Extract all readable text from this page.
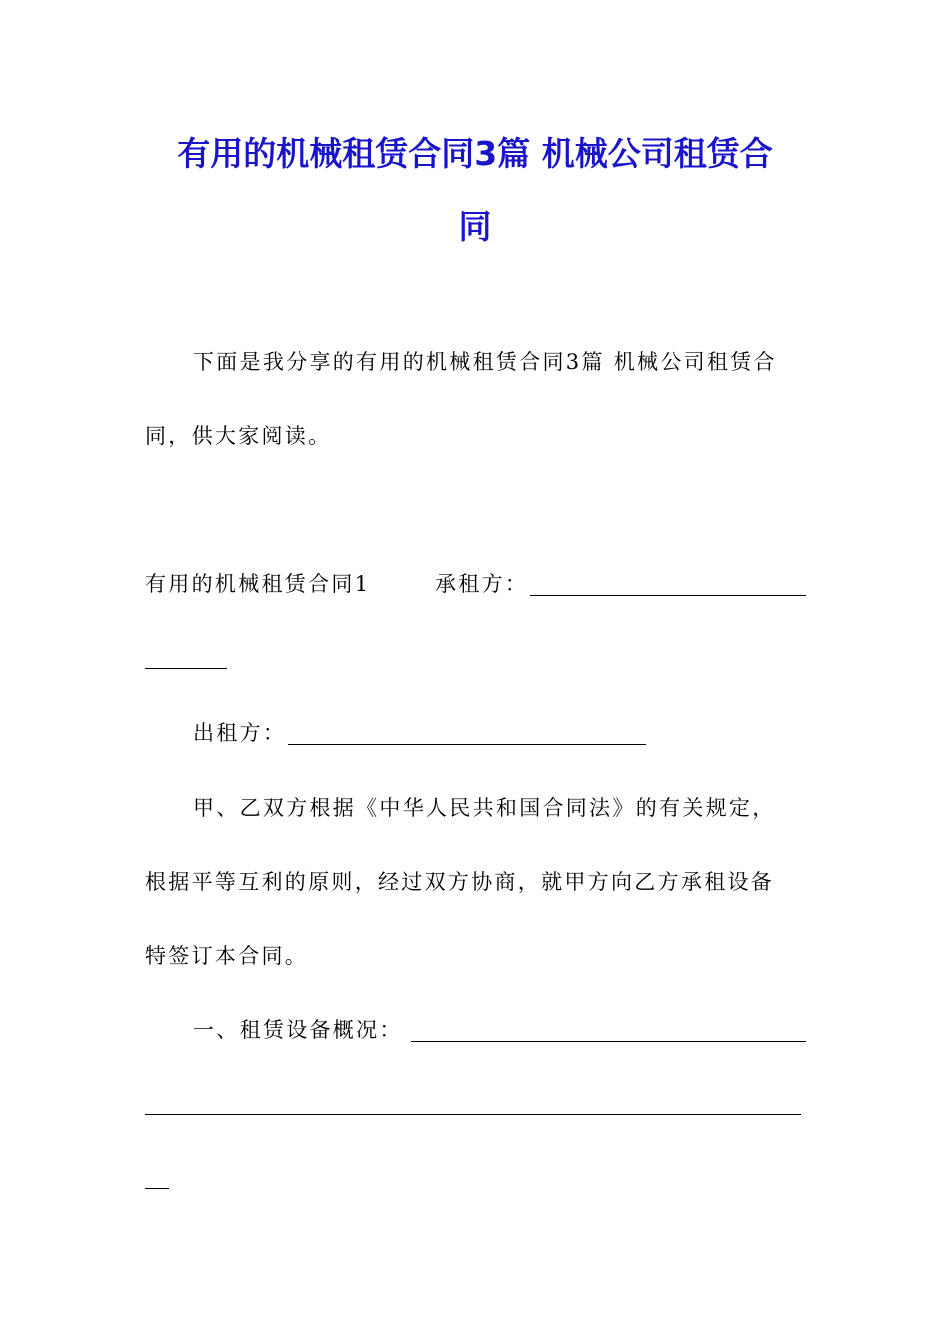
有用的机械租赁合同3篇 机械公司租赁合
同
下面是我分享的有用的机械租赁合同3篇 机械公司租赁合
同，供大家阅读。
有用的机械租赁合同1	承租方：
出租方：
甲、乙双方根据《中华人民共和国合同法》的有关规定，
根据平等互利的原则，经过双方协商，就甲方向乙方承租设备
特签订本合同。
一、租赁设备概况：
